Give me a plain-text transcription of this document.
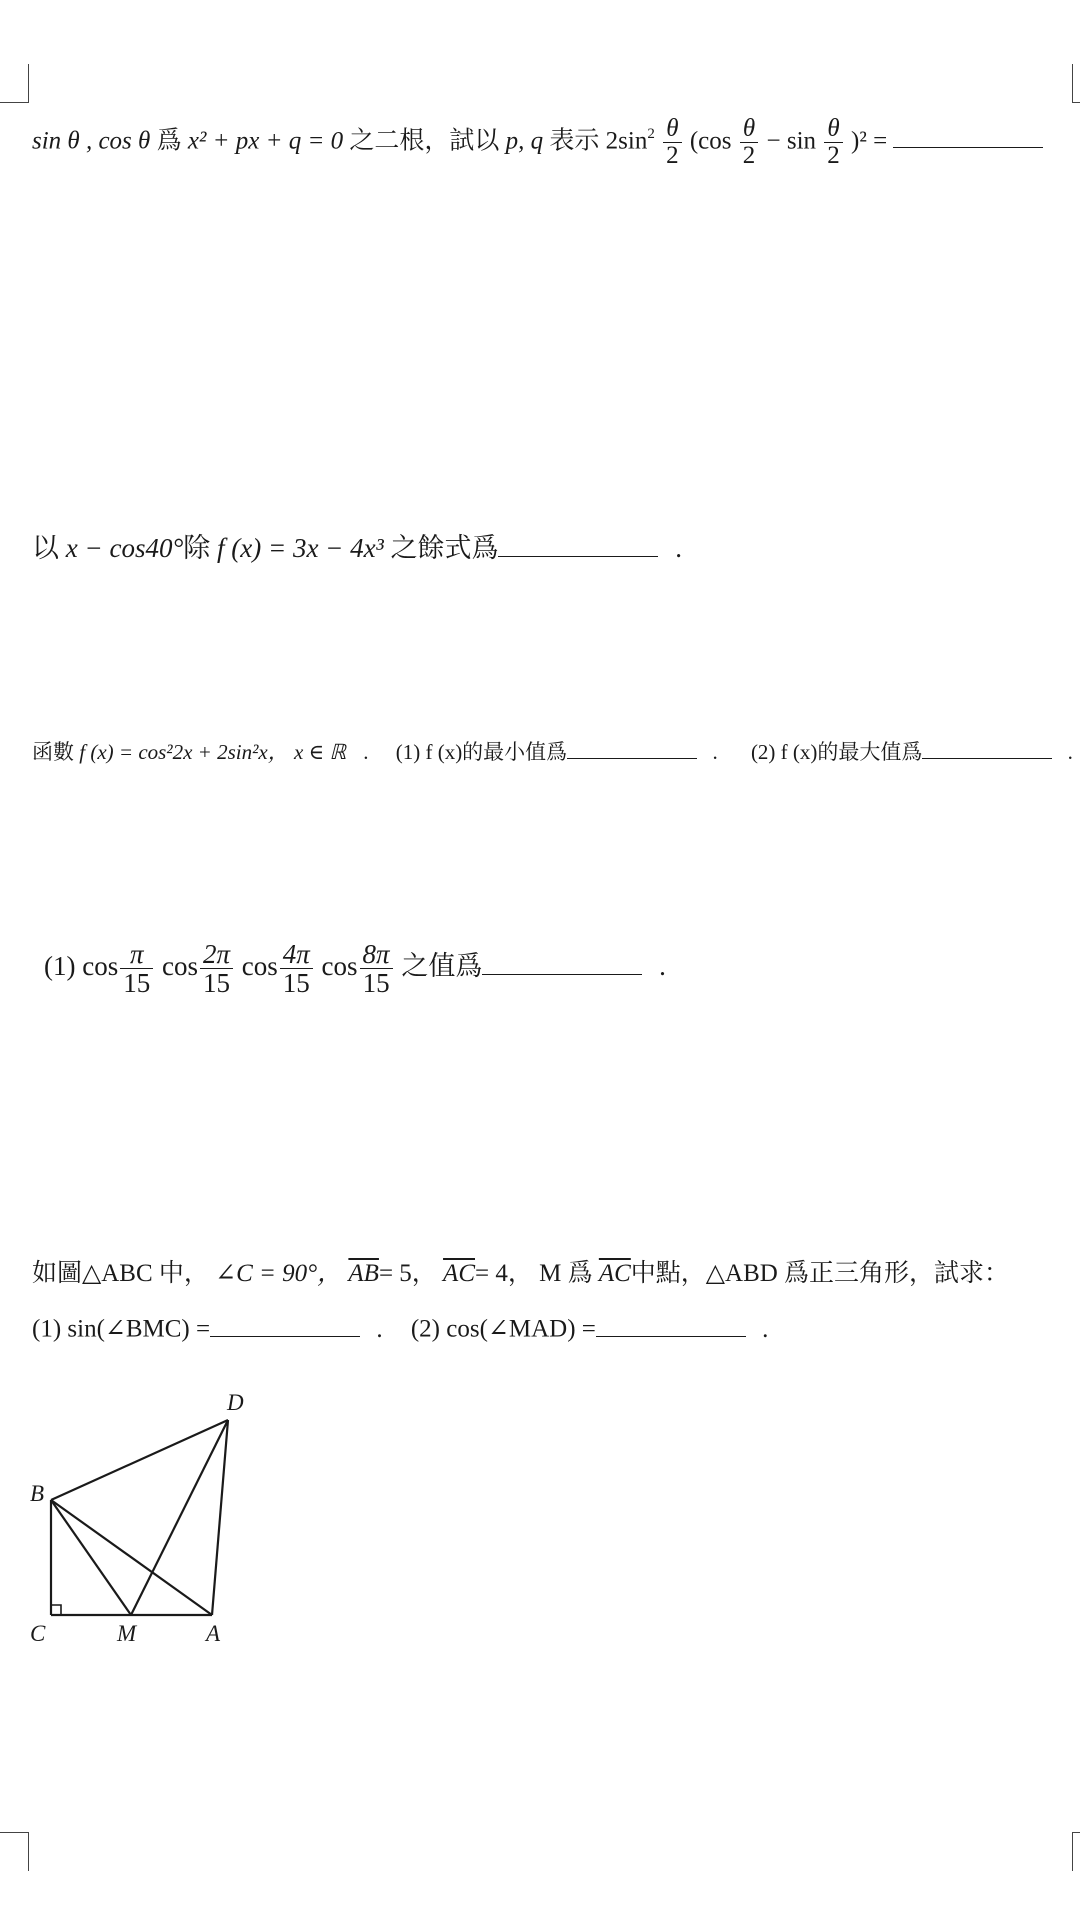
sin θ , cos θ 爲 x² + px + q = 0 之二根，試以 p, q 表示 $2\sin^2 \frac{\theta}{2} (\cos \frac{\theta}{2} - \sin \frac{\theta}{2} )^2$ =
以 x − cos40°除 f (x) = 3x − 4x³ 之餘式爲	.
函數 f (x) = cos²2x + 2sin²x， x ∈ ℝ . (1) f (x)的最小值爲	. (2) f (x)的最大值爲	.
(1) $\cos \frac{\pi}{15}$ $\cos \frac{2\pi}{15}$ $\cos \frac{4\pi}{15}$ $\cos \frac{8\pi}{15}$ 之值爲	.
如圖△ABC 中， ∠C = 90°， $\overline{AB}= 5$， $\overline{AC}= 4$， M 爲 $\overline{AC}$中點，△ABD 爲正三角形，試求：
(1) sin(∠BMC) =	. (2) cos(∠MAD) =	.
D
B
C	M	A
